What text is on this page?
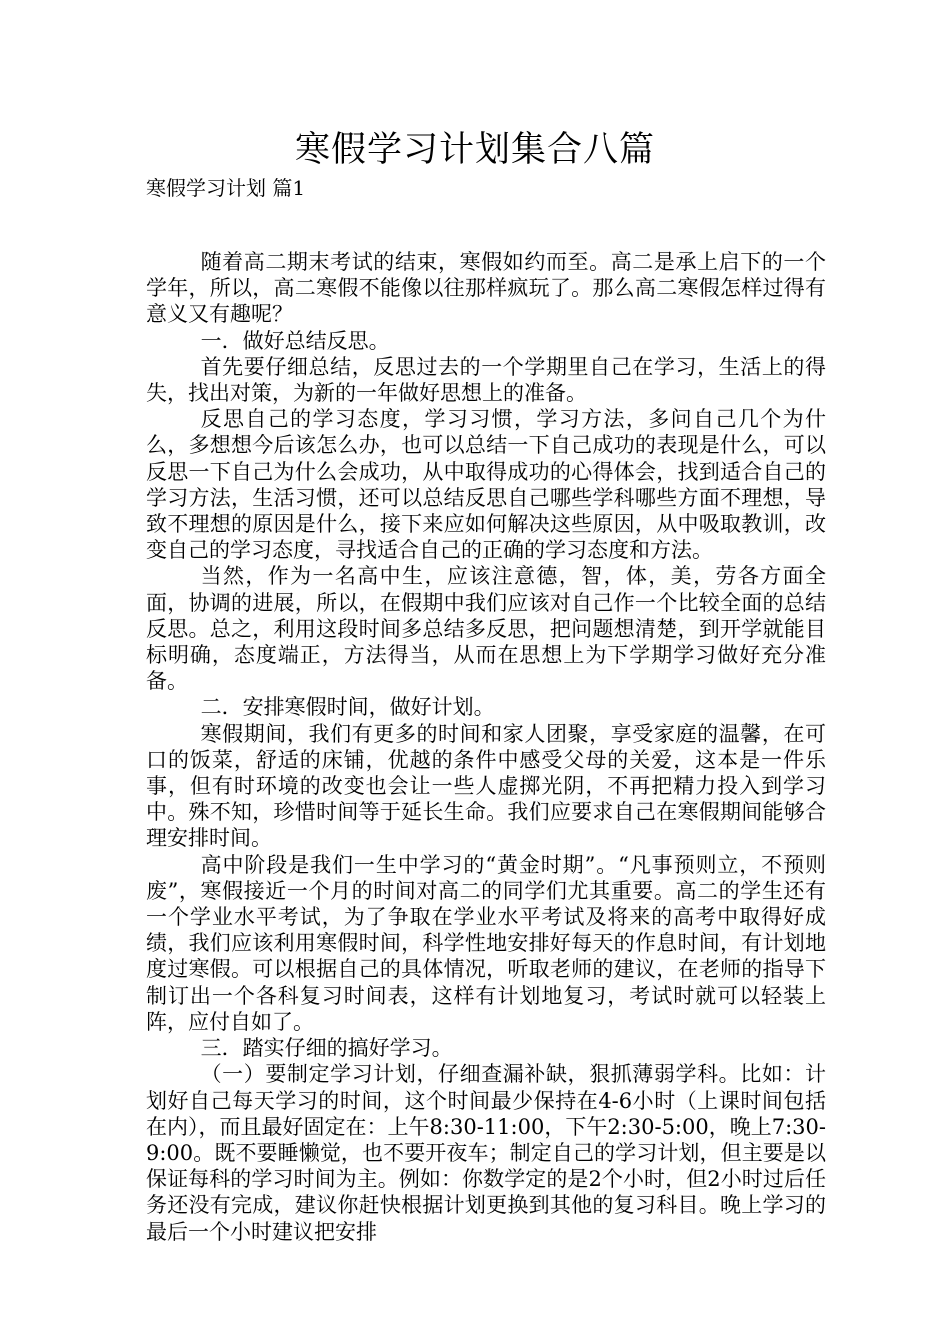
寒假学习计划集合八篇
寒假学习计划 篇1

随着高二期末考试的结束，寒假如约而至。高二是承上启下的一个学年，所以，高二寒假不能像以往那样疯玩了。那么高二寒假怎样过得有意义又有趣呢？

一．做好总结反思。

首先要仔细总结，反思过去的一个学期里自己在学习，生活上的得失，找出对策，为新的一年做好思想上的准备。

反思自己的学习态度，学习习惯，学习方法，多问自己几个为什么，多想想今后该怎么办，也可以总结一下自己成功的表现是什么，可以反思一下自己为什么会成功，从中取得成功的心得体会，找到适合自己的学习方法，生活习惯，还可以总结反思自己哪些学科哪些方面不理想，导致不理想的原因是什么，接下来应如何解决这些原因，从中吸取教训，改变自己的学习态度，寻找适合自己的正确的学习态度和方法。

当然，作为一名高中生，应该注意德，智，体，美，劳各方面全面，协调的进展，所以，在假期中我们应该对自己作一个比较全面的总结反思。总之，利用这段时间多总结多反思，把问题想清楚，到开学就能目标明确，态度端正，方法得当，从而在思想上为下学期学习做好充分准备。

二．安排寒假时间，做好计划。

寒假期间，我们有更多的时间和家人团聚，享受家庭的温馨，在可口的饭菜，舒适的床铺，优越的条件中感受父母的关爱，这本是一件乐事，但有时环境的改变也会让一些人虚掷光阴，不再把精力投入到学习中。殊不知，珍惜时间等于延长生命。我们应要求自己在寒假期间能够合理安排时间。

高中阶段是我们一生中学习的“黄金时期”。“凡事预则立，不预则废”，寒假接近一个月的时间对高二的同学们尤其重要。高二的学生还有一个学业水平考试，为了争取在学业水平考试及将来的高考中取得好成绩，我们应该利用寒假时间，科学性地安排好每天的作息时间，有计划地度过寒假。可以根据自己的具体情况，听取老师的建议，在老师的指导下制订出一个各科复习时间表，这样有计划地复习，考试时就可以轻装上阵，应付自如了。

三．踏实仔细的搞好学习。

（一）要制定学习计划，仔细查漏补缺，狠抓薄弱学科。比如：计划好自己每天学习的时间，这个时间最少保持在4-6小时（上课时间包括在内），而且最好固定在：上午8:30-11:00，下午2:30-5:00，晚上7:30-9:00。既不要睡懒觉，也不要开夜车；制定自己的学习计划，但主要是以保证每科的学习时间为主。例如：你数学定的是2个小时，但2小时过后任务还没有完成，建议你赶快根据计划更换到其他的复习科目。晚上学习的最后一个小时建议把安排
